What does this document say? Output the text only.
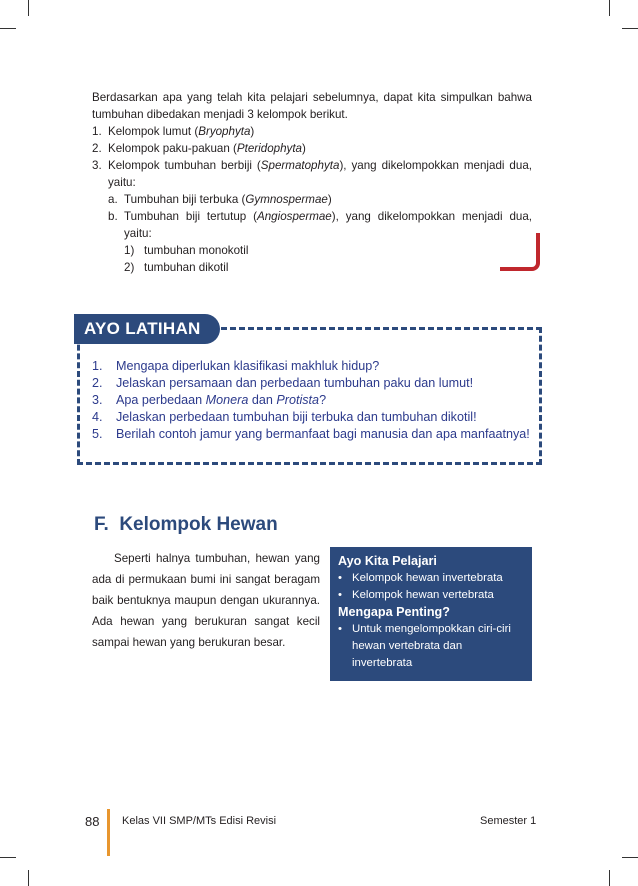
Berdasarkan apa yang telah kita pelajari sebelumnya, dapat kita simpulkan bahwa tumbuhan dibedakan menjadi 3 kelompok berikut.

1. Kelompok lumut (Bryophyta)
2. Kelompok paku-pakuan (Pteridophyta)
3. Kelompok tumbuhan berbiji (Spermatophyta), yang dikelompokkan menjadi dua, yaitu:
a. Tumbuhan biji terbuka (Gymnospermae)
b. Tumbuhan biji tertutup (Angiospermae), yang dikelompokkan menjadi dua, yaitu:
1) tumbuhan monokotil
2) tumbuhan dikotil
AYO LATIHAN
1.	Mengapa diperlukan klasifikasi makhluk hidup?
2.	Jelaskan persamaan dan perbedaan tumbuhan paku dan lumut!
3.	Apa perbedaan Monera dan Protista?
4.	Jelaskan perbedaan tumbuhan biji terbuka dan tumbuhan dikotil!
5.	Berilah contoh jamur yang bermanfaat bagi manusia dan apa manfaatnya!
F.  Kelompok Hewan

Seperti halnya tumbuhan, hewan yang ada di permukaan bumi ini sangat beragam baik bentuknya maupun dengan ukurannya. Ada hewan yang berukuran sangat kecil sampai hewan yang berukuran besar.

Ayo Kita Pelajari
• Kelompok hewan invertebrata
• Kelompok hewan vertebrata
Mengapa Penting?
• Untuk mengelompokkan ciri-ciri hewan vertebrata dan invertebrata
88 Kelas VII SMP/MTs Edisi Revisi	Semester 1
